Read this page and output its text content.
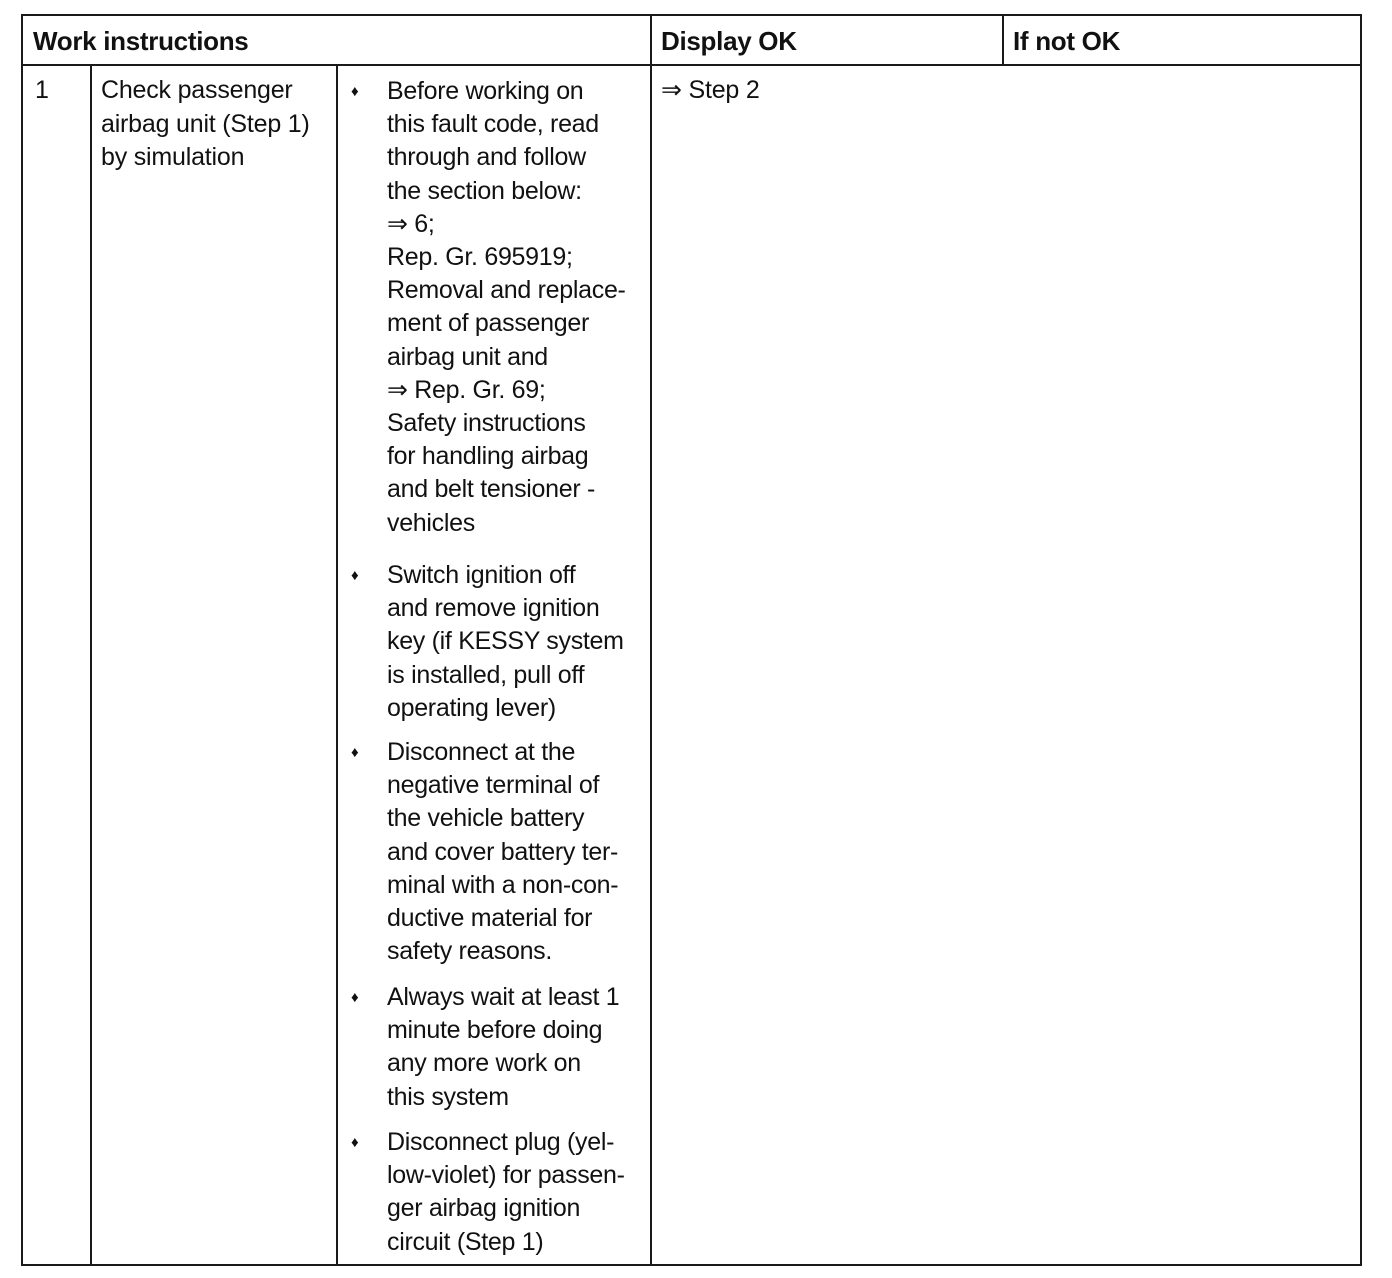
Work instructions	Display OK	If not OK
1 Check passenger
airbag unit (Step 1)
by simulation
⇒ Step 2
♦ Before working on
this fault code, read
through and follow
the section below:
⇒ 6;
Rep. Gr. 695919;
Removal and replace-
ment of passenger
airbag unit and
⇒ Rep. Gr. 69;
Safety instructions
for handling airbag
and belt tensioner -
vehicles
♦ Switch ignition off
and remove ignition
key (if KESSY system
is installed, pull off
operating lever)
♦ Disconnect at the
negative terminal of
the vehicle battery
and cover battery ter-
minal with a non-con-
ductive material for
safety reasons.
♦ Always wait at least 1
minute before doing
any more work on
this system
♦ Disconnect plug (yel-
low-violet) for passen-
ger airbag ignition
circuit (Step 1)
